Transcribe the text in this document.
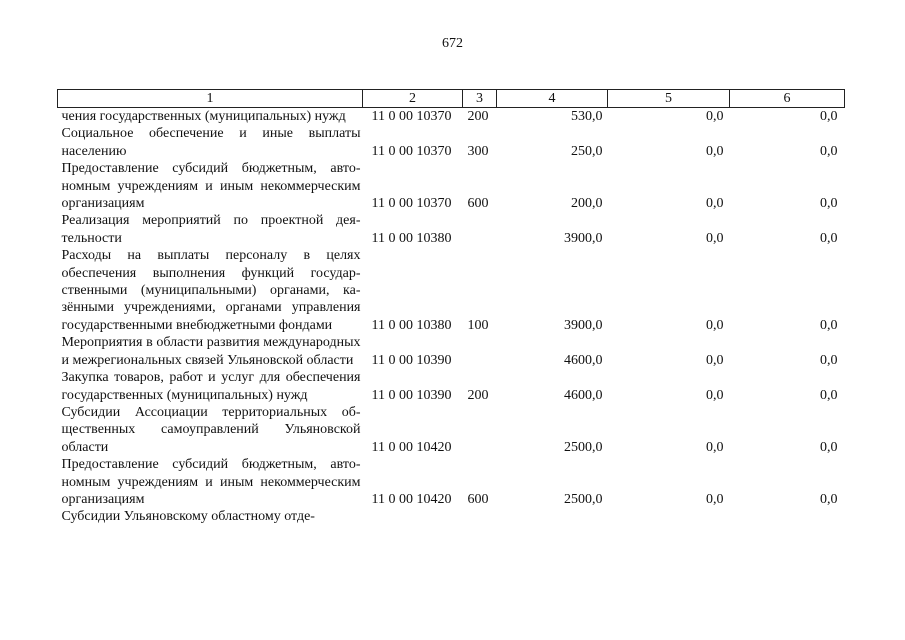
672
1	2	3	4	5	6
чения государственных (муниципальных) нужд	11 0 00 10370	200	530,0	0,0	0,0
Социальное обеспечение и иные выплаты населению	11 0 00 10370	300	250,0	0,0	0,0
Предоставление субсидий бюджетным, автономным учреждениям и иным некоммерческим организациям	11 0 00 10370	600	200,0	0,0	0,0
Реализация мероприятий по проектной деятельности	11 0 00 10380		3900,0	0,0	0,0
Расходы на выплаты персоналу в целях обеспечения выполнения функций государственными (муниципальными) органами, казёнными учреждениями, органами управления государственными внебюджетными фондами	11 0 00 10380	100	3900,0	0,0	0,0
Мероприятия в области развития международных и межрегиональных связей Ульяновской области	11 0 00 10390		4600,0	0,0	0,0
Закупка товаров, работ и услуг для обеспечения государственных (муниципальных) нужд	11 0 00 10390	200	4600,0	0,0	0,0
Субсидии Ассоциации территориальных общественных самоуправлений Ульяновской области	11 0 00 10420		2500,0	0,0	0,0
Предоставление субсидий бюджетным, автономным учреждениям и иным некоммерческим организациям	11 0 00 10420	600	2500,0	0,0	0,0
Субсидии Ульяновскому областному отде-					
